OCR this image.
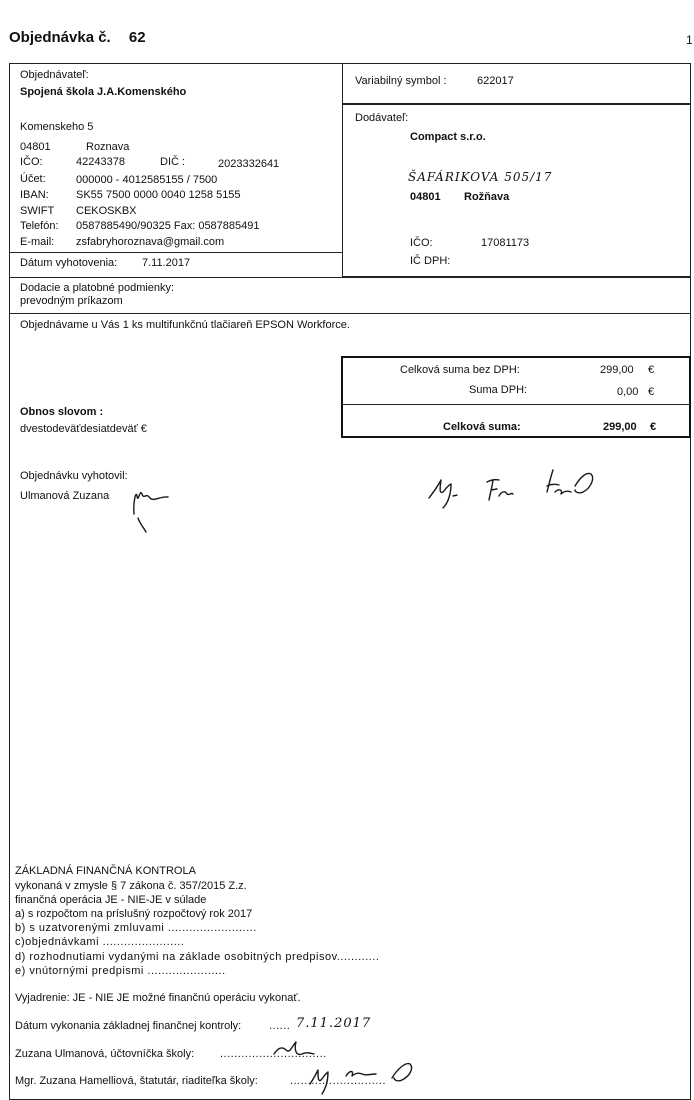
Objednávka č. 62	1
Objednávateľ:
Spojená škola J.A.Komenského
Komenskeho 5
04801	Roznava
IČO:	42243378	DIČ :	2023332641
Účet:	000000 - 4012585155 / 7500
IBAN: SK55 7500 0000 0040 1258 5155
SWIFT CEKOSKBX
Telefón: 0587885490/90325 Fax: 0587885491
E-mail: zsfabryhoroznava@gmail.com
Dátum vyhotovenia: 7.11.2017
Variabilný symbol :	622017
Dodávateľ:
Compact s.r.o.
ŠAFÁRIKOVA 505/17
04801 Rožňava
IČO:	17081173
IČ DPH:
Dodacie a platobné podmienky:
prevodným príkazom
Objednávame u Vás 1 ks multifunkčnú tlačiareň EPSON Workforce.
Celková suma bez DPH:	299,00 €
Suma DPH:	0,00 €
Celková suma:	299,00 €
Obnos slovom :
dvestodeväťdesiatdeväť €
Objednávku vyhotovil:
Ulmanová Zuzana
ZÁKLADNÁ FINANČNÁ KONTROLA
vykonaná v zmysle § 7 zákona č. 357/2015 Z.z.
finančná operácia JE - NIE-JE v súlade
a) s rozpočtom na príslušný rozpočtový rok 2017
b) s uzatvorenými zmluvami .........................
c)objednávkami .......................
d) rozhodnutiami vydanými na základe osobitných predpisov............
e) vnútornými predpismi ......................
Vyjadrenie: JE - NIE JE možné finančnú operáciu vykonať.
Dátum vykonania základnej finančnej kontroly:	...... 7.11.2017
Zuzana Ulmanová, účtovníčka školy: ..............................
Mgr. Zuzana Hamelliová, štatutár, riaditeľka školy:	...........................
